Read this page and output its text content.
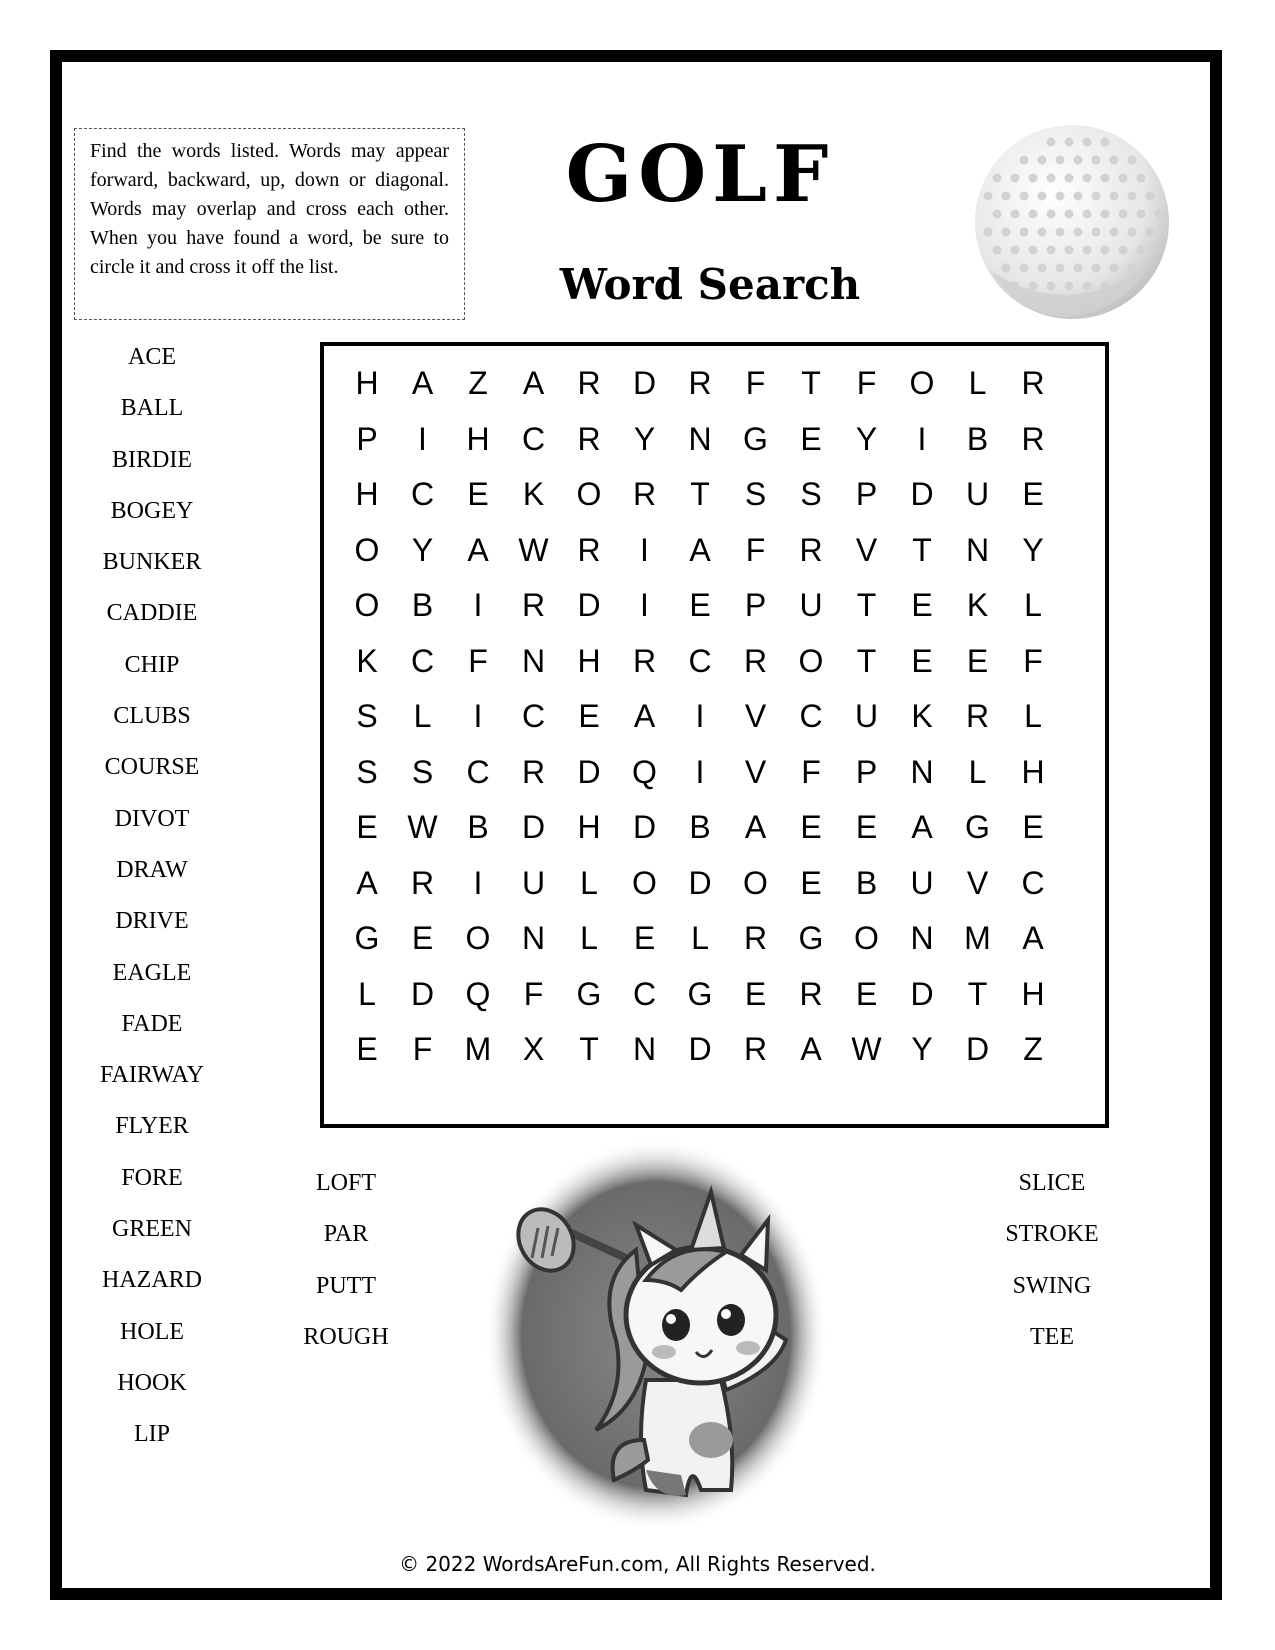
Find the words listed. Words may appear forward, backward, up, down or diagonal. Words may overlap and cross each other. When you have found a word, be sure to circle it and cross it off the list.
GOLF
Word Search
H	A	Z	A	R	D	R	F	T	F	O	L	R
P	I	H	C	R	Y	N G	E	Y	I	B	R
H	C	E	K	O R	T	S	S	P	D	U	E
O	Y	A W R	I	A	F	R	V	T	N	Y
O	B	I	R	D	I	E	P	U	T	E	K	L
K	C	F	N	H	R	C	R O	T	E	E	F
S	L	I	C	E	A	I	V	C	U	K	R	L
S	S	C	R	D Q	I	V	F	P	N	L	H
E W B	D	H	D	B	A	E	E	A	G	E
A	R	I	U	L	O D O	E	B	U	V	C
G	E	O N	L	E	L	R G O N M A
L	D Q	F	G C G	E	R	E	D	T	H
E	F	M X	T	N	D	R	A W Y	D	Z
ACE
BALL
BIRDIE
BOGEY
BUNKER
CADDIE
CHIP
CLUBS
COURSE
DIVOT
DRAW
DRIVE
EAGLE
FADE
FAIRWAY
FLYER
FORE
GREEN
HAZARD
HOLE
HOOK
LIP
LOFT
PAR
PUTT
ROUGH
SLICE
STROKE
SWING
TEE
© 2022 WordsAreFun.com, All Rights Reserved.
